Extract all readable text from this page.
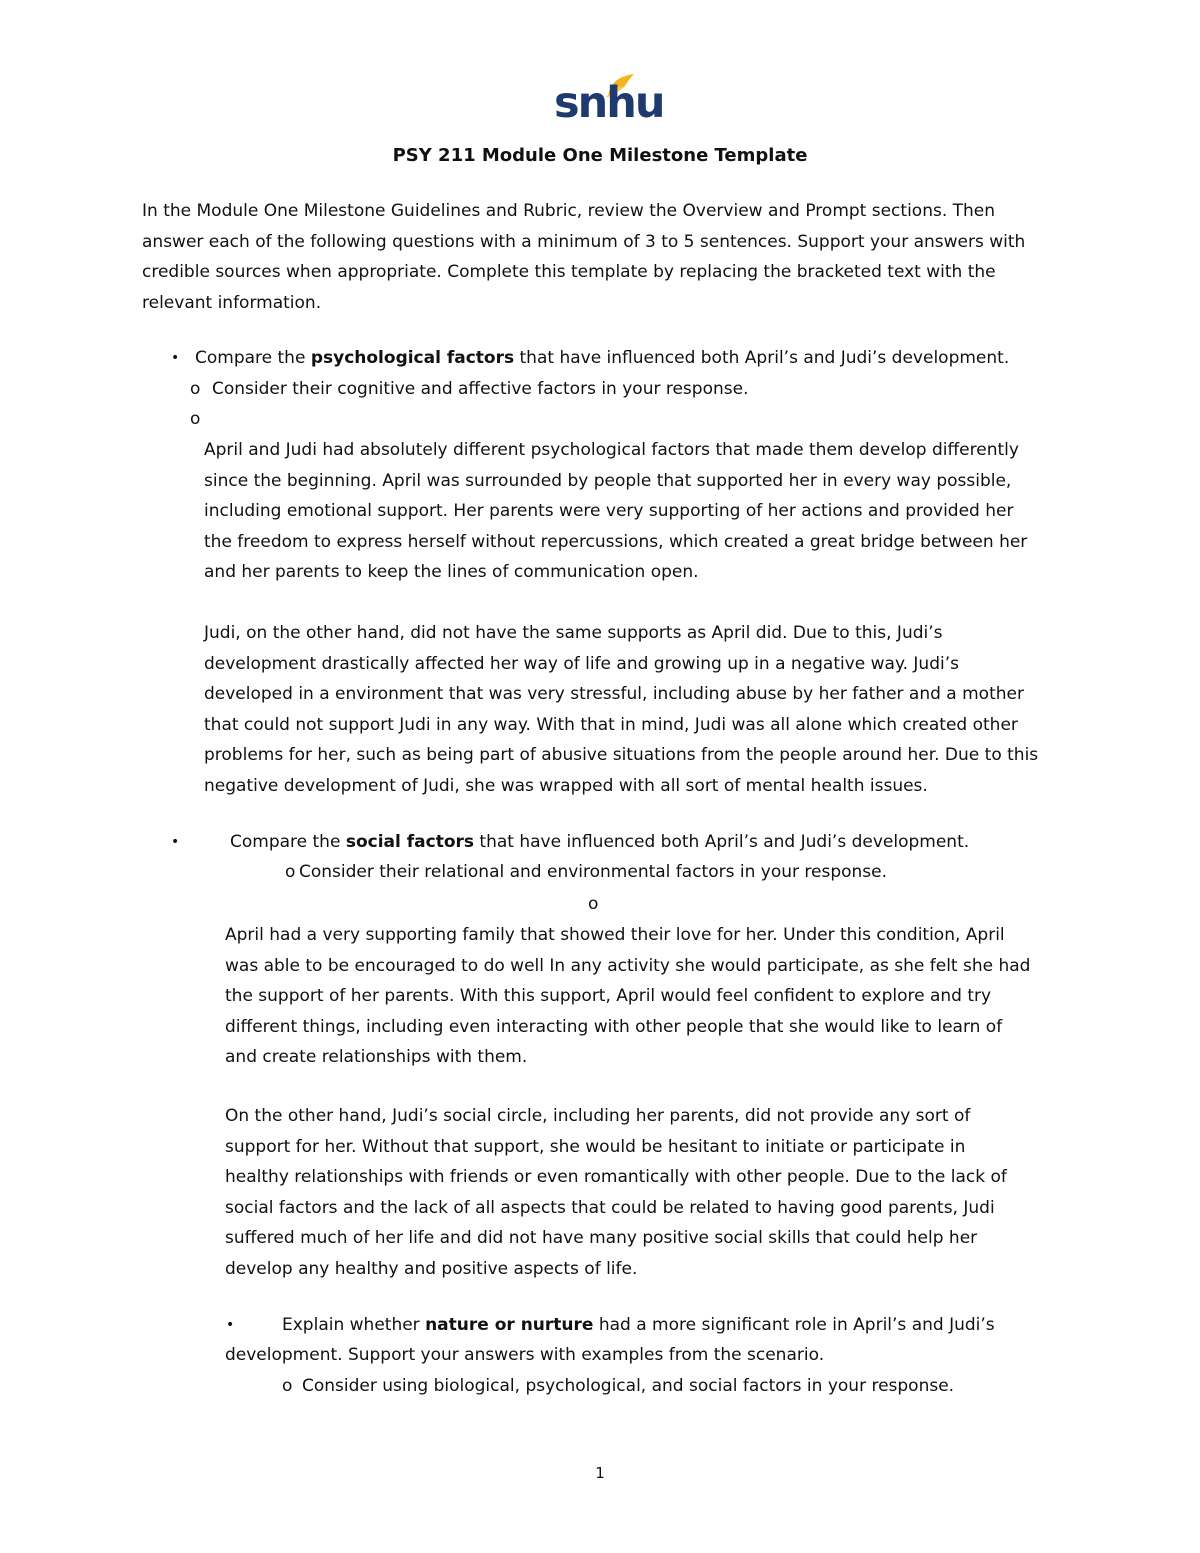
snhu
PSY 211 Module One Milestone Template
In the Module One Milestone Guidelines and Rubric, review the Overview and Prompt sections. Then
answer each of the following questions with a minimum of 3 to 5 sentences. Support your answers with
credible sources when appropriate. Complete this template by replacing the bracketed text with the
relevant information.
• Compare the psychological factors that have influenced both April’s and Judi’s development.
o Consider their cognitive and affective factors in your response.
o
April and Judi had absolutely different psychological factors that made them develop differently
since the beginning. April was surrounded by people that supported her in every way possible,
including emotional support. Her parents were very supporting of her actions and provided her
the freedom to express herself without repercussions, which created a great bridge between her
and her parents to keep the lines of communication open.
Judi, on the other hand, did not have the same supports as April did. Due to this, Judi’s
development drastically affected her way of life and growing up in a negative way. Judi’s
developed in a environment that was very stressful, including abuse by her father and a mother
that could not support Judi in any way. With that in mind, Judi was all alone which created other
problems for her, such as being part of abusive situations from the people around her. Due to this
negative development of Judi, she was wrapped with all sort of mental health issues.
•	Compare the social factors that have influenced both April’s and Judi’s development.
o Consider their relational and environmental factors in your response.
o
April had a very supporting family that showed their love for her. Under this condition, April
was able to be encouraged to do well In any activity she would participate, as she felt she had
the support of her parents. With this support, April would feel confident to explore and try
different things, including even interacting with other people that she would like to learn of
and create relationships with them.
On the other hand, Judi’s social circle, including her parents, did not provide any sort of
support for her. Without that support, she would be hesitant to initiate or participate in
healthy relationships with friends or even romantically with other people. Due to the lack of
social factors and the lack of all aspects that could be related to having good parents, Judi
suffered much of her life and did not have many positive social skills that could help her
develop any healthy and positive aspects of life.
•	Explain whether nature or nurture had a more significant role in April’s and Judi’s
development. Support your answers with examples from the scenario.
o Consider using biological, psychological, and social factors in your response.
1
